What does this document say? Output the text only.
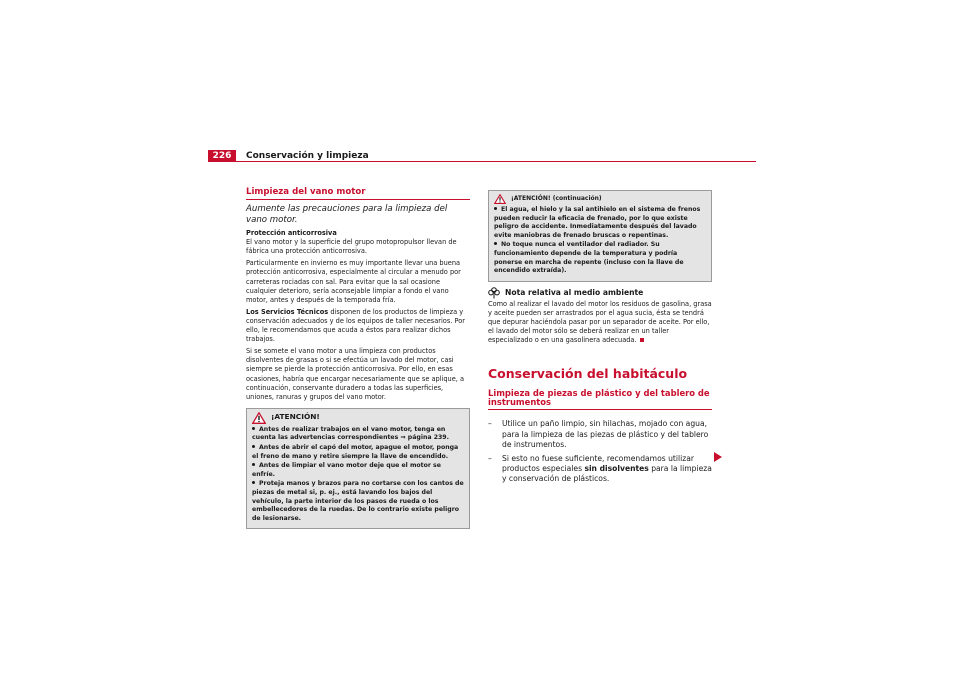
226	Conservación y limpieza
Limpieza del vano motor

Aumente las precauciones para la limpieza del vano motor.

Protección anticorrosiva

El vano motor y la superficie del grupo motopropulsor llevan de fábrica una protección anticorrosiva.

Particularmente en invierno es muy importante llevar una buena protección anticorrosiva, especialmente al circular a menudo por carreteras rociadas con sal. Para evitar que la sal ocasione cualquier deterioro, sería aconsejable limpiar a fondo el vano motor, antes y después de la temporada fría.

Los Servicios Técnicos disponen de los productos de limpieza y conservación adecuados y de los equipos de taller necesarios. Por ello, le recomendamos que acuda a éstos para realizar dichos trabajos.

Si se somete el vano motor a una limpieza con productos disolventes de grasas o si se efectúa un lavado del motor, casi siempre se pierde la protección anticorrosiva. Por ello, en esas ocasiones, habría que encargar necesariamente que se aplique, a continuación, conservante duradero a todas las superficies, uniones, ranuras y grupos del vano motor.

¡ATENCIÓN!
Antes de realizar trabajos en el vano motor, tenga en cuenta las advertencias correspondientes ⇒ página 239.
Antes de abrir el capó del motor, apague el motor, ponga el freno de mano y retire siempre la llave de encendido.
Antes de limpiar el vano motor deje que el motor se enfríe.
Proteja manos y brazos para no cortarse con los cantos de piezas de metal si, p. ej., está lavando los bajos del vehículo, la parte interior de los pasos de rueda o los embellecedores de la ruedas. De lo contrario existe peligro de lesionarse.
¡ATENCIÓN! (continuación)
El agua, el hielo y la sal antihielo en el sistema de frenos pueden reducir la eficacia de frenado, por lo que existe peligro de accidente. Inmediatamente después del lavado evite maniobras de frenado bruscas o repentinas.
No toque nunca el ventilador del radiador. Su funcionamiento depende de la temperatura y podría ponerse en marcha de repente (incluso con la llave de encendido extraída).
Nota relativa al medio ambiente

Como al realizar el lavado del motor los residuos de gasolina, grasa y aceite pueden ser arrastrados por el agua sucia, ésta se tendrá que depurar haciéndola pasar por un separador de aceite. Por ello, el lavado del motor sólo se deberá realizar en un taller especializado o en una gasolinera adecuada.

Conservación del habitáculo
Limpieza de piezas de plástico y del tablero de instrumentos
–	Utilice un paño limpio, sin hilachas, mojado con agua, para la limpieza de las piezas de plástico y del tablero de instrumentos.
–	Si esto no fuese suficiente, recomendamos utilizar productos especiales sin disolventes para la limpieza y conservación de plásticos.
